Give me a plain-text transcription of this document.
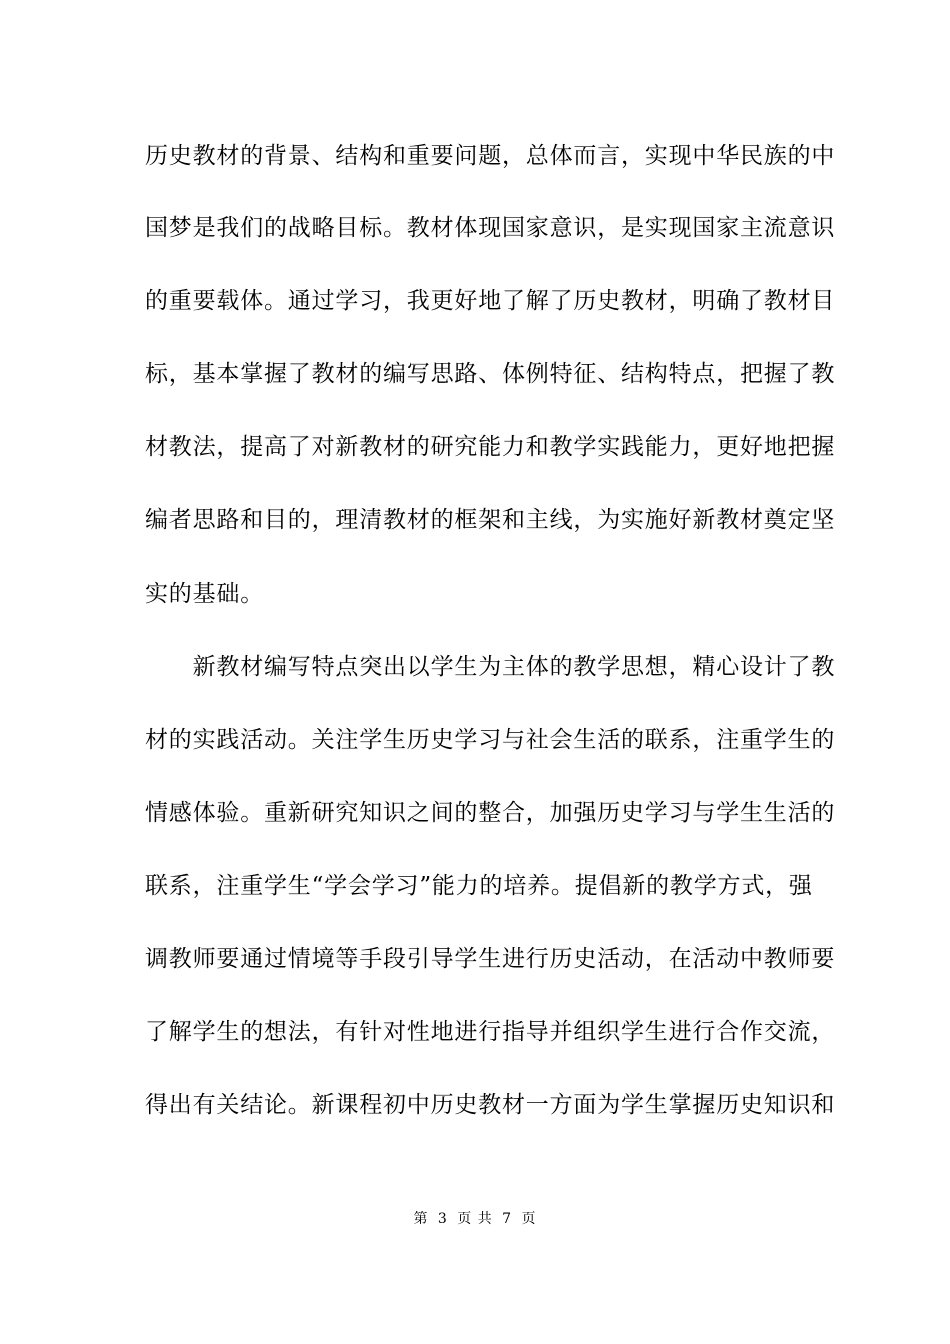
历史教材的背景、结构和重要问题，总体而言，实现中华民族的中
国梦是我们的战略目标。教材体现国家意识，是实现国家主流意识
的重要载体。通过学习，我更好地了解了历史教材，明确了教材目
标，基本掌握了教材的编写思路、体例特征、结构特点，把握了教
材教法，提高了对新教材的研究能力和教学实践能力，更好地把握
编者思路和目的，理清教材的框架和主线，为实施好新教材奠定坚
实的基础。
　　新教材编写特点突出以学生为主体的教学思想，精心设计了教
材的实践活动。关注学生历史学习与社会生活的联系，注重学生的
情感体验。重新研究知识之间的整合，加强历史学习与学生生活的
联系，注重学生“学会学习”能力的培养。提倡新的教学方式，强
调教师要通过情境等手段引导学生进行历史活动，在活动中教师要
了解学生的想法，有针对性地进行指导并组织学生进行合作交流，
得出有关结论。新课程初中历史教材一方面为学生掌握历史知识和
第 3 页 共 7 页
